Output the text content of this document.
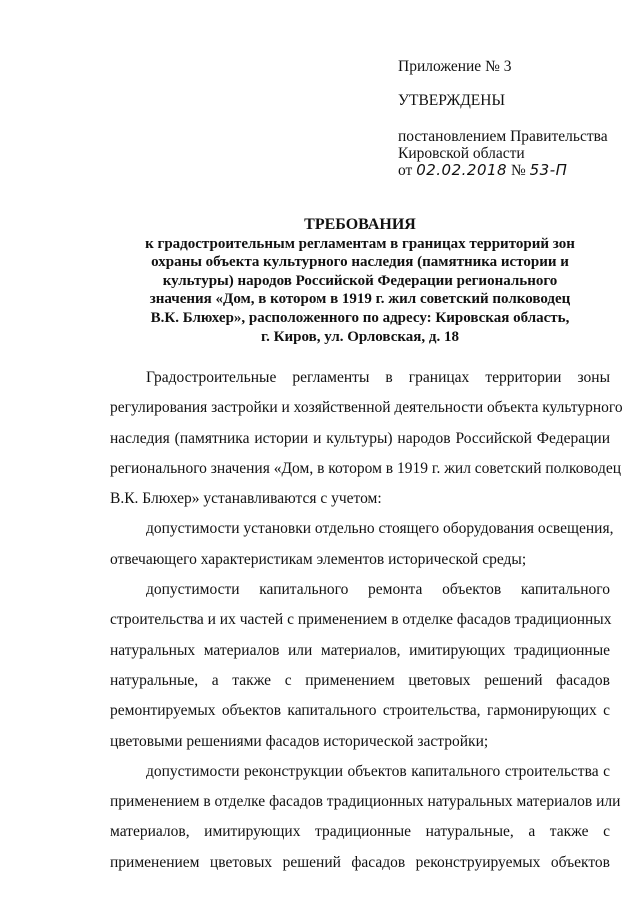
Приложение № 3
УТВЕРЖДЕНЫ
постановлением Правительства
Кировской области
от 02.02.2018 № 53-П
ТРЕБОВАНИЯ
к градостроительным регламентам в границах территорий зон
охраны объекта культурного наследия (памятника истории и
культуры) народов Российской Федерации регионального
значения «Дом, в котором в 1919 г. жил советский полководец
В.К. Блюхер», расположенного по адресу: Кировская область,
г. Киров, ул. Орловская, д. 18
Градостроительные регламенты в границах территории зоны
регулирования застройки и хозяйственной деятельности объекта культурного
наследия (памятника истории и культуры) народов Российской Федерации
регионального значения «Дом, в котором в 1919 г. жил советский полководец
В.К. Блюхер» устанавливаются с учетом:
допустимости установки отдельно стоящего оборудования освещения,
отвечающего характеристикам элементов исторической среды;
допустимости капитального ремонта объектов капитального
строительства и их частей с применением в отделке фасадов традиционных
натуральных материалов или материалов, имитирующих традиционные
натуральные, а также с применением цветовых решений фасадов
ремонтируемых объектов капитального строительства, гармонирующих с
цветовыми решениями фасадов исторической застройки;
допустимости реконструкции объектов капитального строительства с
применением в отделке фасадов традиционных натуральных материалов или
материалов, имитирующих традиционные натуральные, а также с
применением цветовых решений фасадов реконструируемых объектов
